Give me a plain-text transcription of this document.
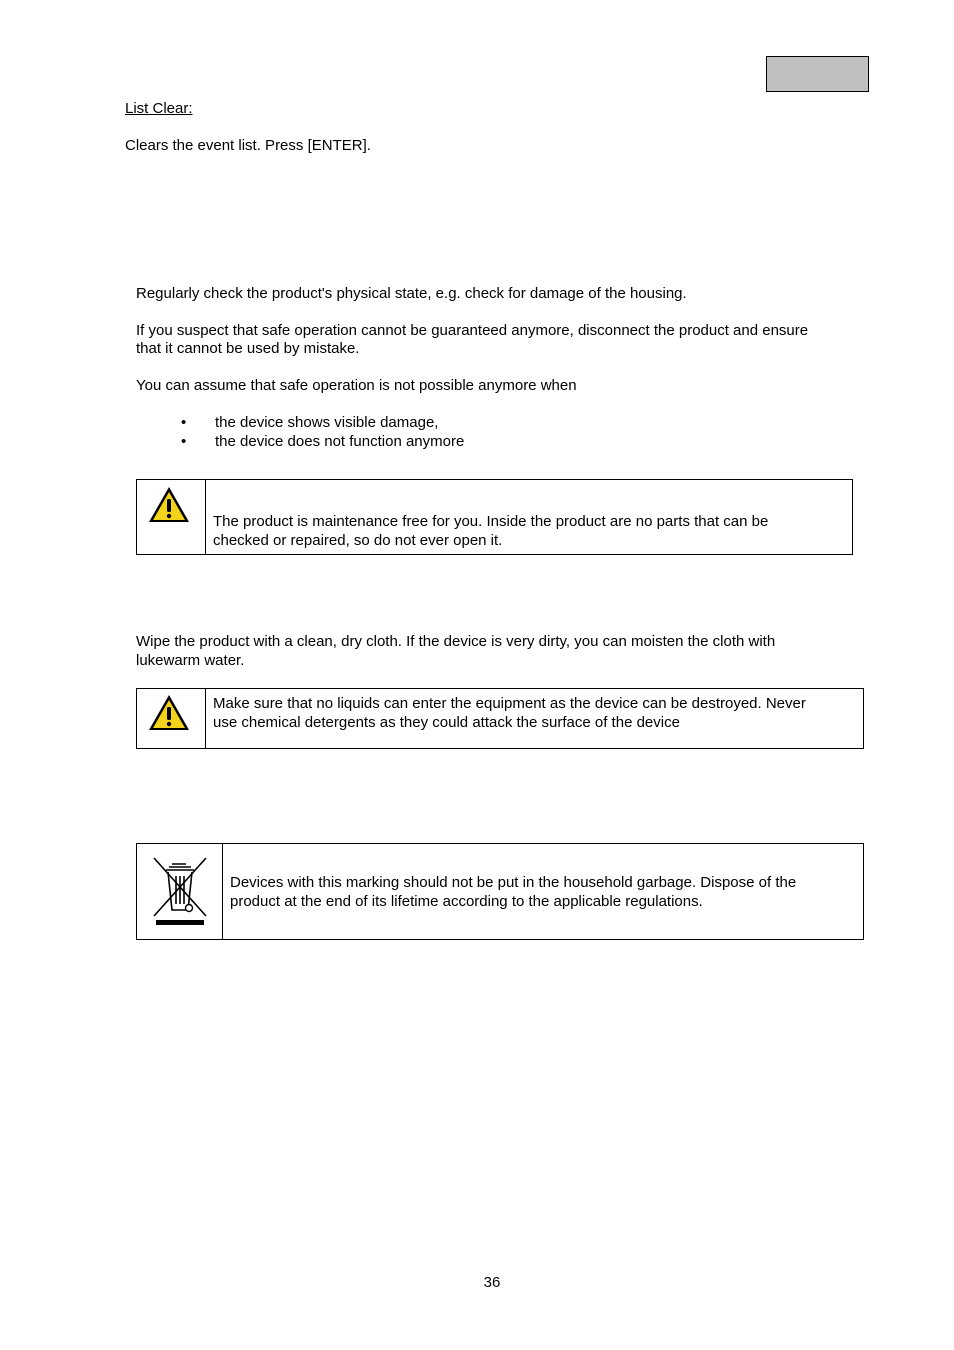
List Clear:
Clears the event list. Press [ENTER].
Regularly check the product's physical state, e.g. check for damage of the housing.
If you suspect that safe operation cannot be guaranteed anymore, disconnect the product and ensure
that it cannot be used by mistake.
You can assume that safe operation is not possible anymore when
• the device shows visible damage,
• the device does not function anymore
The product is maintenance free for you. Inside the product are no parts that can be
checked or repaired, so do not ever open it.
Wipe the product with a clean, dry cloth. If the device is very dirty, you can moisten the cloth with
lukewarm water.
Make sure that no liquids can enter the equipment as the device can be destroyed. Never
use chemical detergents as they could attack the surface of the device
Devices with this marking should not be put in the household garbage. Dispose of the
product at the end of its lifetime according to the applicable regulations.
36
